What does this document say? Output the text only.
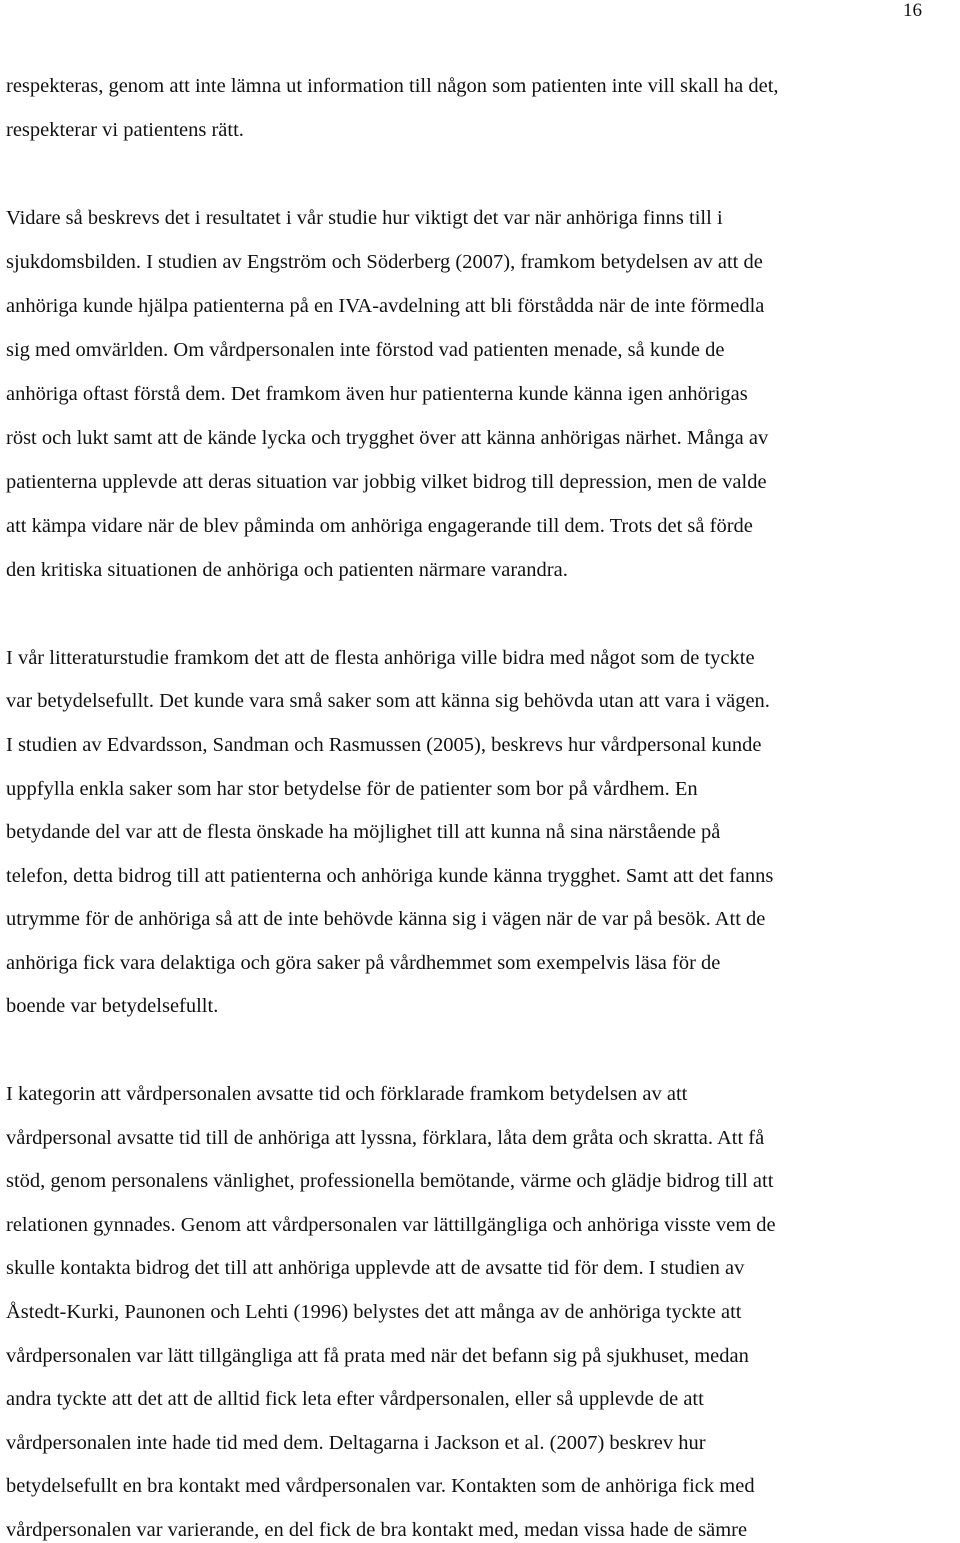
16
respekteras, genom att inte lämna ut information till någon som patienten inte vill skall ha det,
respekterar vi patientens rätt.
Vidare så beskrevs det i resultatet i vår studie hur viktigt det var när anhöriga finns till i
sjukdomsbilden. I studien av Engström och Söderberg (2007), framkom betydelsen av att de
anhöriga kunde hjälpa patienterna på en IVA-avdelning att bli förstådda när de inte förmedla
sig med omvärlden. Om vårdpersonalen inte förstod vad patienten menade, så kunde de
anhöriga oftast förstå dem. Det framkom även hur patienterna kunde känna igen anhörigas
röst och lukt samt att de kände lycka och trygghet över att känna anhörigas närhet. Många av
patienterna upplevde att deras situation var jobbig vilket bidrog till depression, men de valde
att kämpa vidare när de blev påminda om anhöriga engagerande till dem. Trots det så förde
den kritiska situationen de anhöriga och patienten närmare varandra.
I vår litteraturstudie framkom det att de flesta anhöriga ville bidra med något som de tyckte
var betydelsefullt. Det kunde vara små saker som att känna sig behövda utan att vara i vägen.
I studien av Edvardsson, Sandman och Rasmussen (2005), beskrevs hur vårdpersonal kunde
uppfylla enkla saker som har stor betydelse för de patienter som bor på vårdhem. En
betydande del var att de flesta önskade ha möjlighet till att kunna nå sina närstående på
telefon, detta bidrog till att patienterna och anhöriga kunde känna trygghet. Samt att det fanns
utrymme för de anhöriga så att de inte behövde känna sig i vägen när de var på besök. Att de
anhöriga fick vara delaktiga och göra saker på vårdhemmet som exempelvis läsa för de
boende var betydelsefullt.
I kategorin att vårdpersonalen avsatte tid och förklarade framkom betydelsen av att
vårdpersonal avsatte tid till de anhöriga att lyssna, förklara, låta dem gråta och skratta. Att få
stöd, genom personalens vänlighet, professionella bemötande, värme och glädje bidrog till att
relationen gynnades. Genom att vårdpersonalen var lättillgängliga och anhöriga visste vem de
skulle kontakta bidrog det till att anhöriga upplevde att de avsatte tid för dem. I studien av
Åstedt-Kurki, Paunonen och Lehti (1996) belystes det att många av de anhöriga tyckte att
vårdpersonalen var lätt tillgängliga att få prata med när det befann sig på sjukhuset, medan
andra tyckte att det att de alltid fick leta efter vårdpersonalen, eller så upplevde de att
vårdpersonalen inte hade tid med dem. Deltagarna i Jackson et al. (2007) beskrev hur
betydelsefullt en bra kontakt med vårdpersonalen var. Kontakten som de anhöriga fick med
vårdpersonalen var varierande, en del fick de bra kontakt med, medan vissa hade de sämre
